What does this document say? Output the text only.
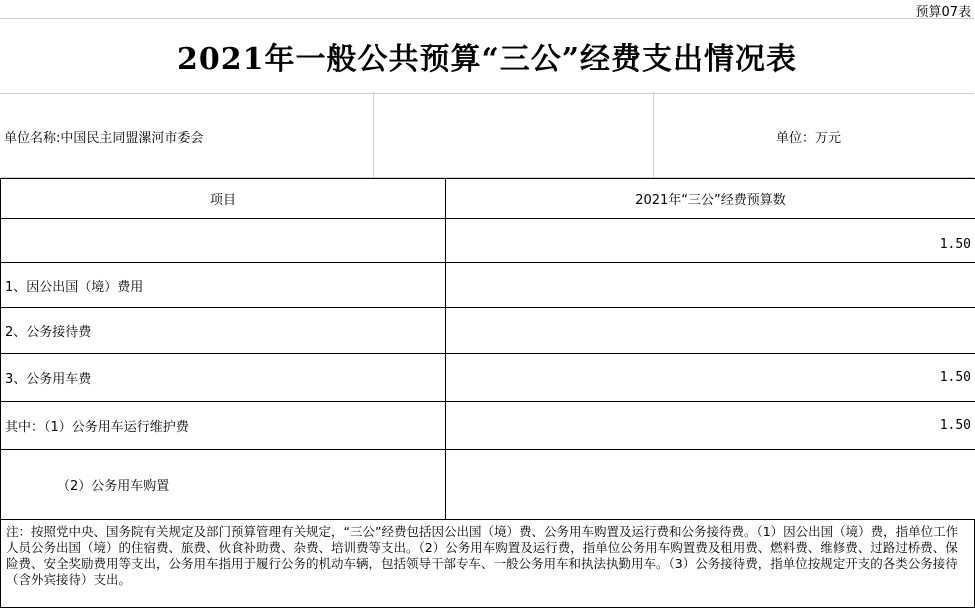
预算07表
2021年一般公共预算“三公”经费支出情况表
单位名称:中国民主同盟漯河市委会	单位：万元
项目	2021年“三公”经费预算数
	1.50
1、因公出国（境）费用	
2、公务接待费	
3、公务用车费	1.50
其中：（1）公务用车运行维护费	1.50
（2）公务用车购置	
注：按照党中央、国务院有关规定及部门预算管理有关规定，“三公”经费包括因公出国（境）费、公务用车购置及运行费和公务接待费。（1）因公出国（境）费，指单位工作人员公务出国（境）的住宿费、旅费、伙食补助费、杂费、培训费等支出。（2）公务用车购置及运行费，指单位公务用车购置费及租用费、燃料费、维修费、过路过桥费、保险费、安全奖励费用等支出，公务用车指用于履行公务的机动车辆，包括领导干部专车、一般公务用车和执法执勤用车。（3）公务接待费，指单位按规定开支的各类公务接待（含外宾接待）支出。
